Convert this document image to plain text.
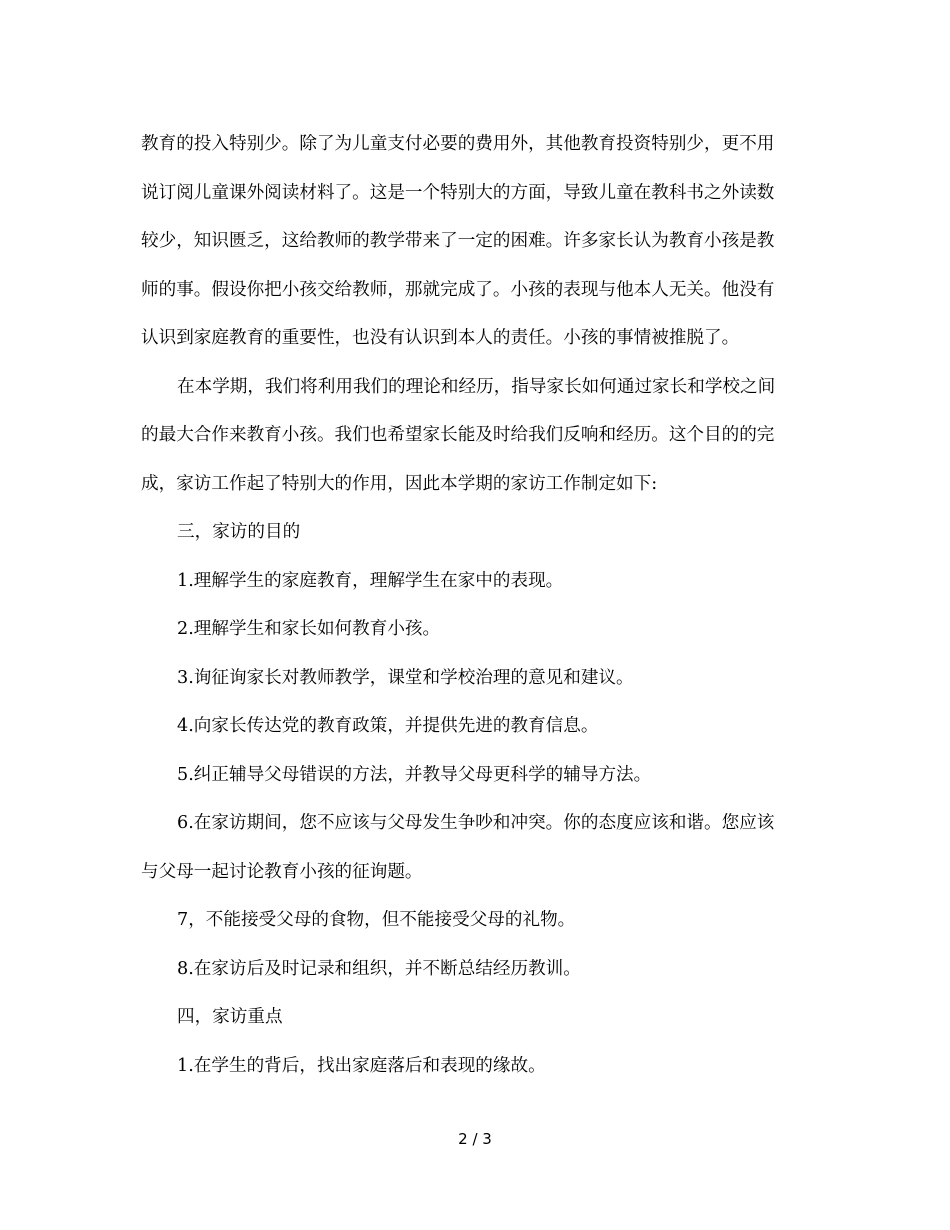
教育的投入特别少。除了为儿童支付必要的费用外，其他教育投资特别少，更不用
说订阅儿童课外阅读材料了。这是一个特别大的方面，导致儿童在教科书之外读数
较少，知识匮乏，这给教师的教学带来了一定的困难。许多家长认为教育小孩是教
师的事。假设你把小孩交给教师，那就完成了。小孩的表现与他本人无关。他没有
认识到家庭教育的重要性，也没有认识到本人的责任。小孩的事情被推脱了。
在本学期，我们将利用我们的理论和经历，指导家长如何通过家长和学校之间
的最大合作来教育小孩。我们也希望家长能及时给我们反响和经历。这个目的的完
成，家访工作起了特别大的作用，因此本学期的家访工作制定如下:
三，家访的目的
1.理解学生的家庭教育，理解学生在家中的表现。
2.理解学生和家长如何教育小孩。
3.询征询家长对教师教学，课堂和学校治理的意见和建议。
4.向家长传达党的教育政策，并提供先进的教育信息。
5.纠正辅导父母错误的方法，并教导父母更科学的辅导方法。
6.在家访期间，您不应该与父母发生争吵和冲突。你的态度应该和谐。您应该
与父母一起讨论教育小孩的征询题。
7，不能接受父母的食物，但不能接受父母的礼物。
8.在家访后及时记录和组织，并不断总结经历教训。
四，家访重点
1.在学生的背后，找出家庭落后和表现的缘故。
2 / 3
